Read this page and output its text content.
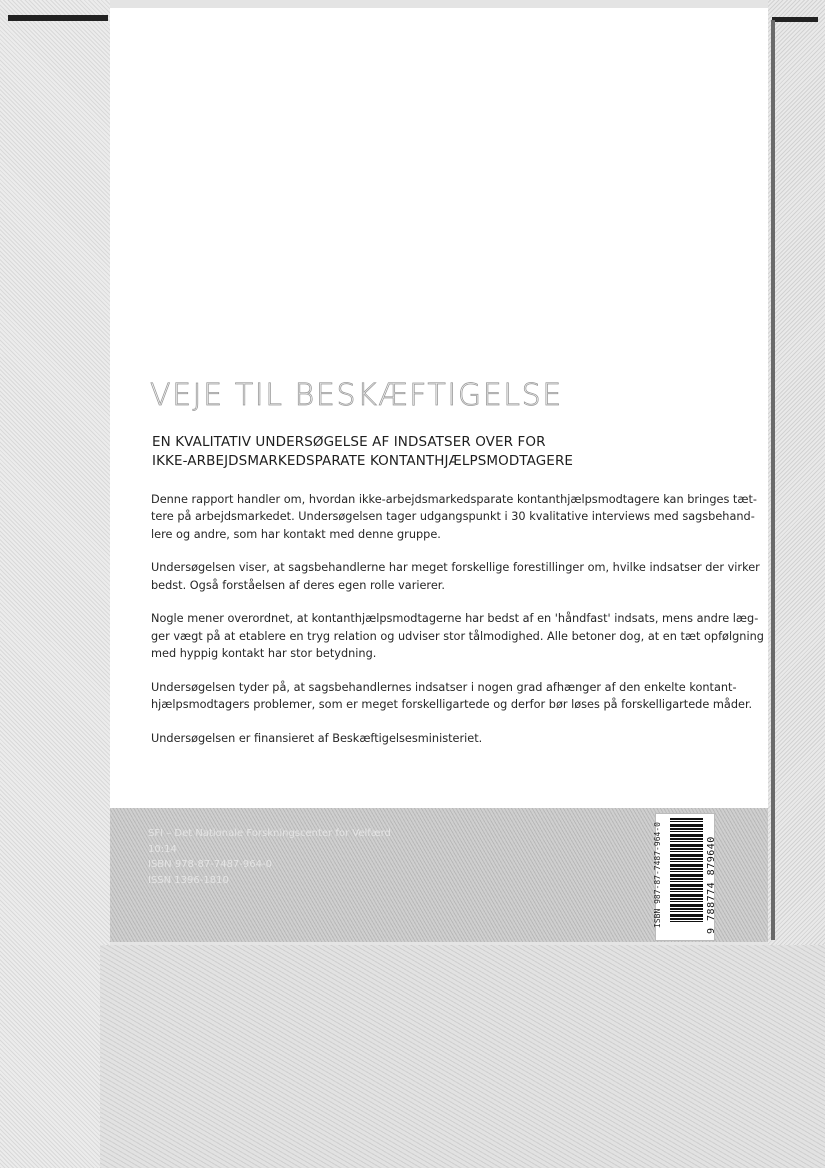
VEJE TIL BESKÆFTIGELSE
EN KVALITATIV UNDERSØGELSE AF INDSATSER OVER FOR
IKKE-ARBEJDSMARKEDSPARATE KONTANTHJÆLPSMODTAGERE

Denne rapport handler om, hvordan ikke-arbejdsmarkedsparate kontanthjælpsmodtagere kan bringes tæt-
tere på arbejdsmarkedet. Undersøgelsen tager udgangspunkt i 30 kvalitative interviews med sagsbehand-
lere og andre, som har kontakt med denne gruppe.

Undersøgelsen viser, at sagsbehandlerne har meget forskellige forestillinger om, hvilke indsatser der virker
bedst. Også forståelsen af deres egen rolle varierer.

Nogle mener overordnet, at kontanthjælpsmodtagerne har bedst af en 'håndfast' indsats, mens andre læg-
ger vægt på at etablere en tryg relation og udviser stor tålmodighed. Alle betoner dog, at en tæt opfølgning
med hyppig kontakt har stor betydning.

Undersøgelsen tyder på, at sagsbehandlernes indsatser i nogen grad afhænger af den enkelte kontant-
hjælpsmodtagers problemer, som er meget forskelligartede og derfor bør løses på forskelligartede måder.

Undersøgelsen er finansieret af Beskæftigelsesministeriet.

SFI – Det Nationale Forskningscenter for Velfærd
10:14
ISBN 978-87-7487-964-0
ISSN 1396-1810	ISBN 987-87-7487-964-0	9 788774 879640
